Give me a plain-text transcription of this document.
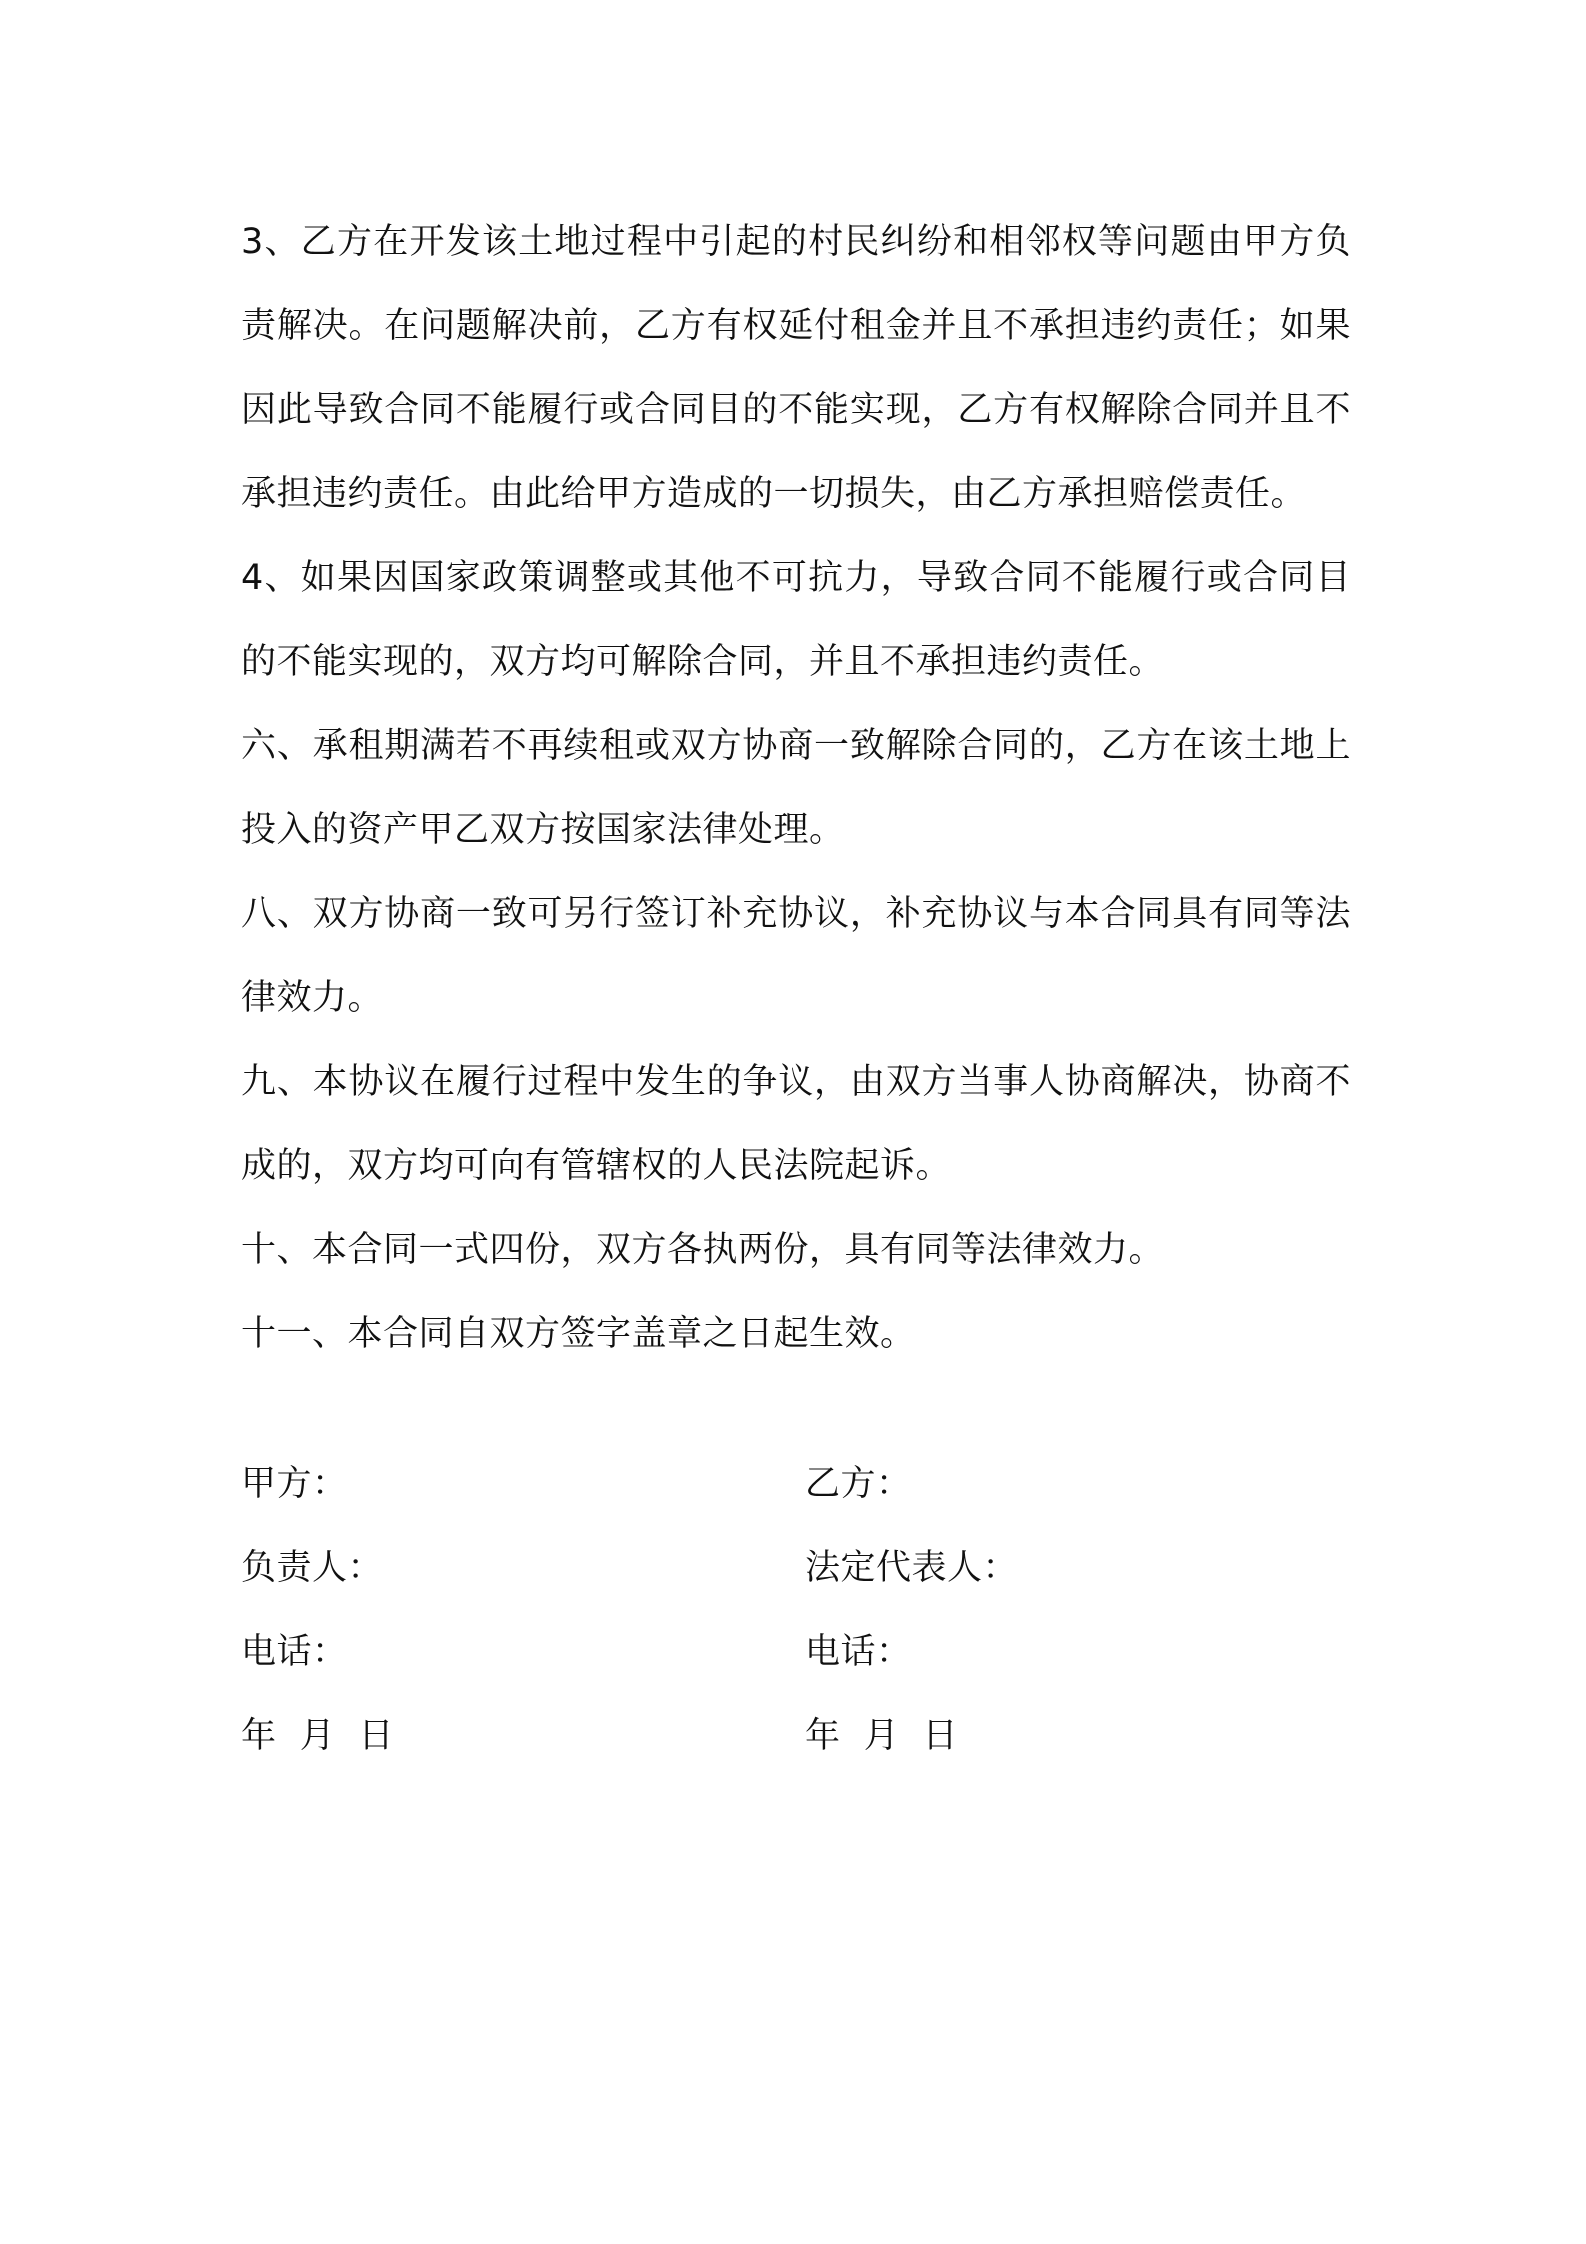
3、乙方在开发该土地过程中引起的村民纠纷和相邻权等问题由甲方负责解决。在问题解决前，乙方有权延付租金并且不承担违约责任；如果因此导致合同不能履行或合同目的不能实现，乙方有权解除合同并且不承担违约责任。由此给甲方造成的一切损失，由乙方承担赔偿责任。

4、如果因国家政策调整或其他不可抗力，导致合同不能履行或合同目的不能实现的，双方均可解除合同，并且不承担违约责任。

六、承租期满若不再续租或双方协商一致解除合同的，乙方在该土地上投入的资产甲乙双方按国家法律处理。

八、双方协商一致可另行签订补充协议，补充协议与本合同具有同等法律效力。

九、本协议在履行过程中发生的争议，由双方当事人协商解决，协商不成的，双方均可向有管辖权的人民法院起诉。

十、本合同一式四份，双方各执两份，具有同等法律效力。

十一、本合同自双方签字盖章之日起生效。

甲方：	乙方：
负责人：	法定代表人：
电话：	电话：
年  月  日	年  月  日
